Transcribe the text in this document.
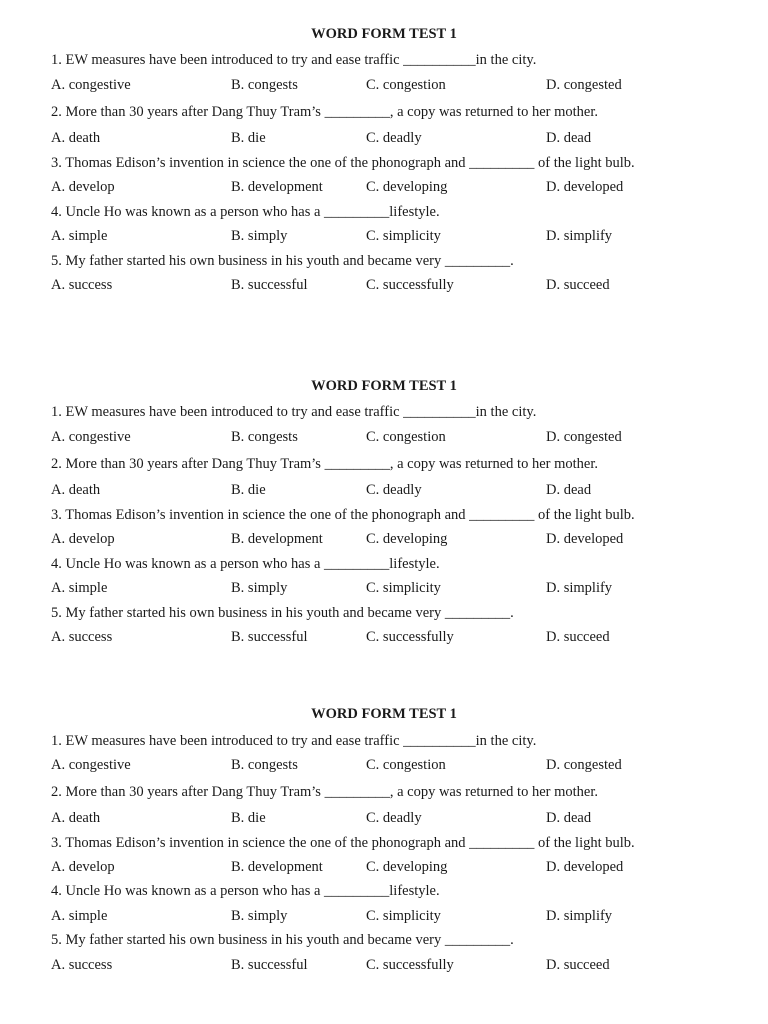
WORD FORM TEST 1
1. EW measures have been introduced to try and ease traffic __________in the city.
A. congestive	B. congests	C. congestion	D. congested
2. More than 30 years after Dang Thuy Tram’s _________, a copy was returned to her mother.
A. death	B. die	C. deadly	D. dead
3. Thomas Edison’s invention in science the one of the phonograph and _________ of the light bulb.
A. develop	B. development	C. developing	D. developed
4. Uncle Ho was known as a person who has a _________lifestyle.
A. simple	B. simply	C. simplicity	D. simplify
5. My father started his own business in his youth and became very _________.
A. success	B. successful	C. successfully	D. succeed
WORD FORM TEST 1
1. EW measures have been introduced to try and ease traffic __________in the city.
A. congestive	B. congests	C. congestion	D. congested
2. More than 30 years after Dang Thuy Tram’s _________, a copy was returned to her mother.
A. death	B. die	C. deadly	D. dead
3. Thomas Edison’s invention in science the one of the phonograph and _________ of the light bulb.
A. develop	B. development	C. developing	D. developed
4. Uncle Ho was known as a person who has a _________lifestyle.
A. simple	B. simply	C. simplicity	D. simplify
5. My father started his own business in his youth and became very _________.
A. success	B. successful	C. successfully	D. succeed
WORD FORM TEST 1
1. EW measures have been introduced to try and ease traffic __________in the city.
A. congestive	B. congests	C. congestion	D. congested
2. More than 30 years after Dang Thuy Tram’s _________, a copy was returned to her mother.
A. death	B. die	C. deadly	D. dead
3. Thomas Edison’s invention in science the one of the phonograph and _________ of the light bulb.
A. develop	B. development	C. developing	D. developed
4. Uncle Ho was known as a person who has a _________lifestyle.
A. simple	B. simply	C. simplicity	D. simplify
5. My father started his own business in his youth and became very _________.
A. success	B. successful	C. successfully	D. succeed
